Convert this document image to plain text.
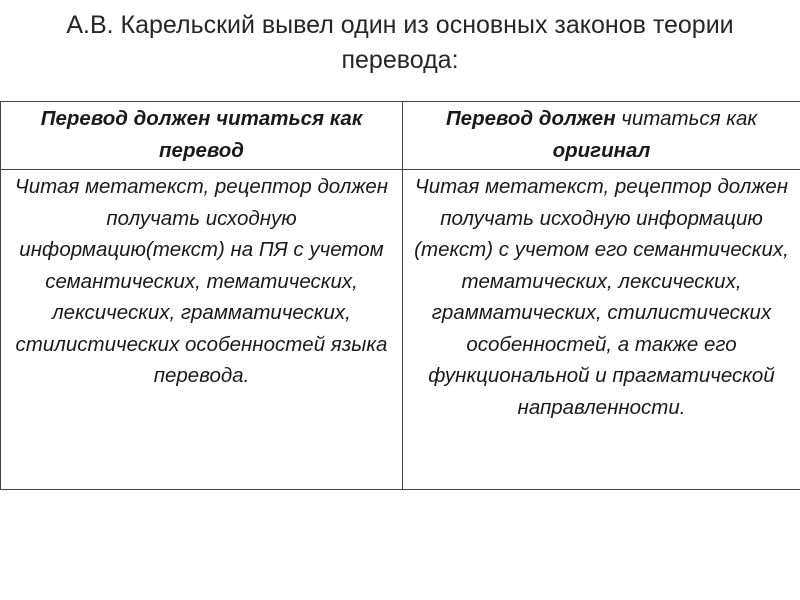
А.В. Карельский вывел один из основных законов теории перевода:
Перевод должен читаться как перевод	Перевод должен читаться как оригинал
Читая метатекст, рецептор должен получать исходную информацию(текст) на ПЯ с учетом семантических, тематических, лексических, грамматических, стилистических особенностей языка перевода.	Читая метатекст, рецептор должен получать исходную информацию (текст) с учетом его семантических, тематических, лексических, грамматических, стилистических особенностей, а также его функциональной и прагматической направленности.
